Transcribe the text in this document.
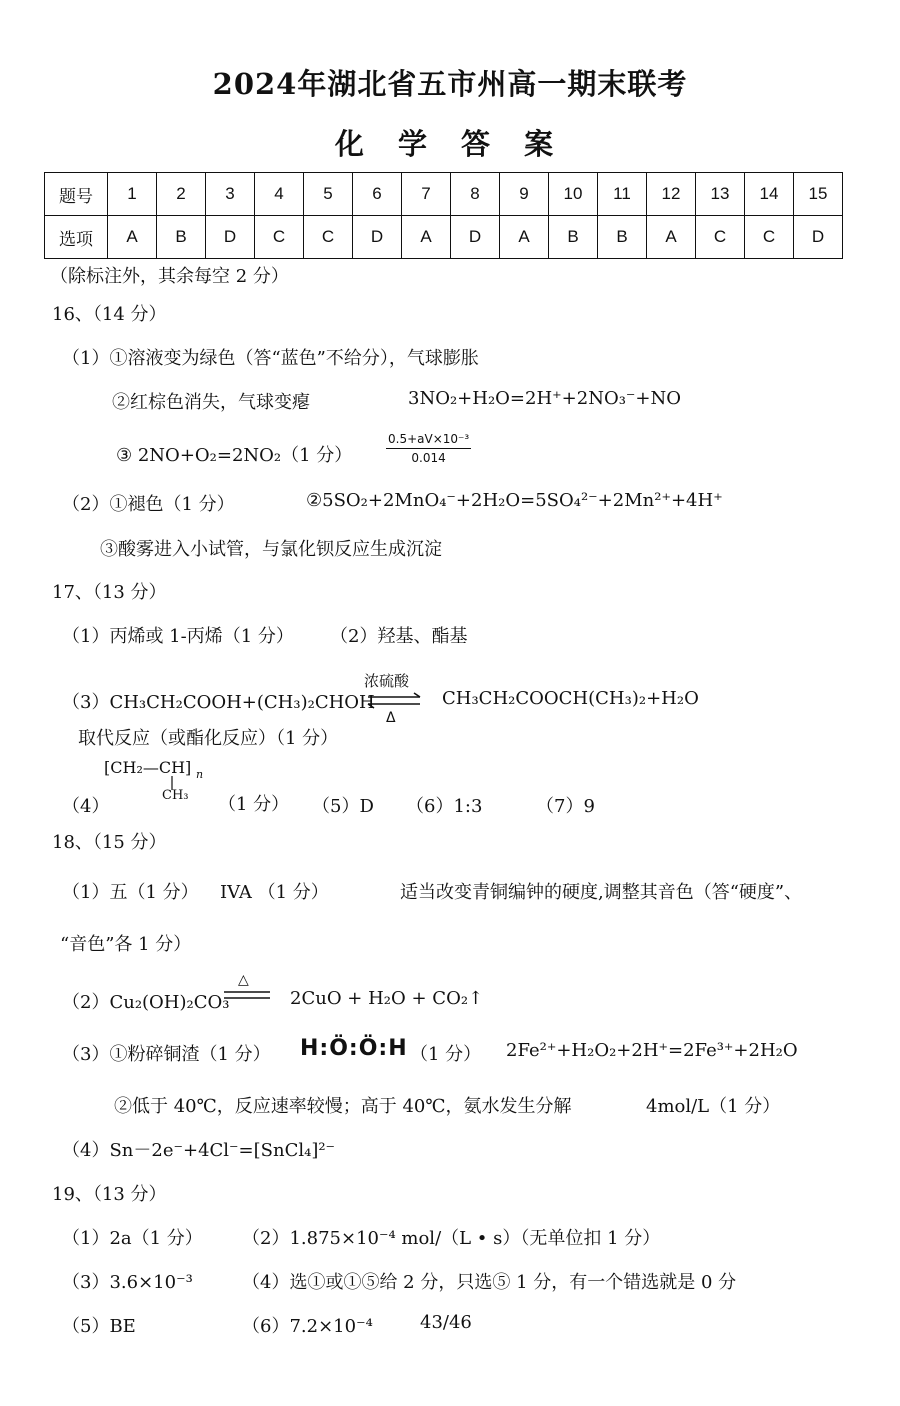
2024年湖北省五市州高一期末联考
化 学 答 案
题号	1	2	3	4	5	6	7	8	9	10	11	12	13	14	15
选项	A	B	D	C	C	D	A	D	A	B	B	A	C	C	D
（除标注外，其余每空 2 分）
16、（14 分）
（1）①溶液变为绿色（答“蓝色”不给分），气球膨胀
②红棕色消失，气球变瘪	3NO₂+H₂O=2H⁺+2NO₃⁻+NO
③ 2NO+O₂=2NO₂（1 分）	$\frac{\text{0.5+aV×10⁻³}}{0.014}$
（2）①褪色（1 分）	②5SO₂+2MnO₄⁻+2H₂O=5SO₄²⁻+2Mn²⁺+4H⁺
③酸雾进入小试管，与氯化钡反应生成沉淀
17、（13 分）
（1）丙烯或 1-丙烯（1 分） （2）羟基、酯基
（3）CH₃CH₂COOH+(CH₃)₂CHOH
浓硫酸
Δ
CH₃CH₂COOCH(CH₃)₂+H₂O
取代反应（或酯化反应）（1 分）
[CH₂—CH] n
CH₃
（4）	（1 分） （5）D （6）1:3	（7）9
18、（15 分）
（1）五（1 分） IVA （1 分）	适当改变青铜编钟的硬度,调整其音色（答“硬度”、
“音色”各 1 分）
（2）Cu₂(OH)₂CO₃
△
2CuO + H₂O + CO₂↑
（3）①粉碎铜渣（1 分） H:Ö:Ö:H （1 分） 2Fe²⁺+H₂O₂+2H⁺=2Fe³⁺+2H₂O
②低于 40℃，反应速率较慢；高于 40℃，氨水发生分解	4mol/L（1 分）
（4）Sn－2e⁻+4Cl⁻=[SnCl₄]²⁻
19、（13 分）
（1）2a（1 分） （2）1.875×10⁻⁴ mol/（L • s）（无单位扣 1 分）
（3）3.6×10⁻³	（4）选①或①⑤给 2 分，只选⑤ 1 分，有一个错选就是 0 分
（5）BE	（6）7.2×10⁻⁴	43/46
